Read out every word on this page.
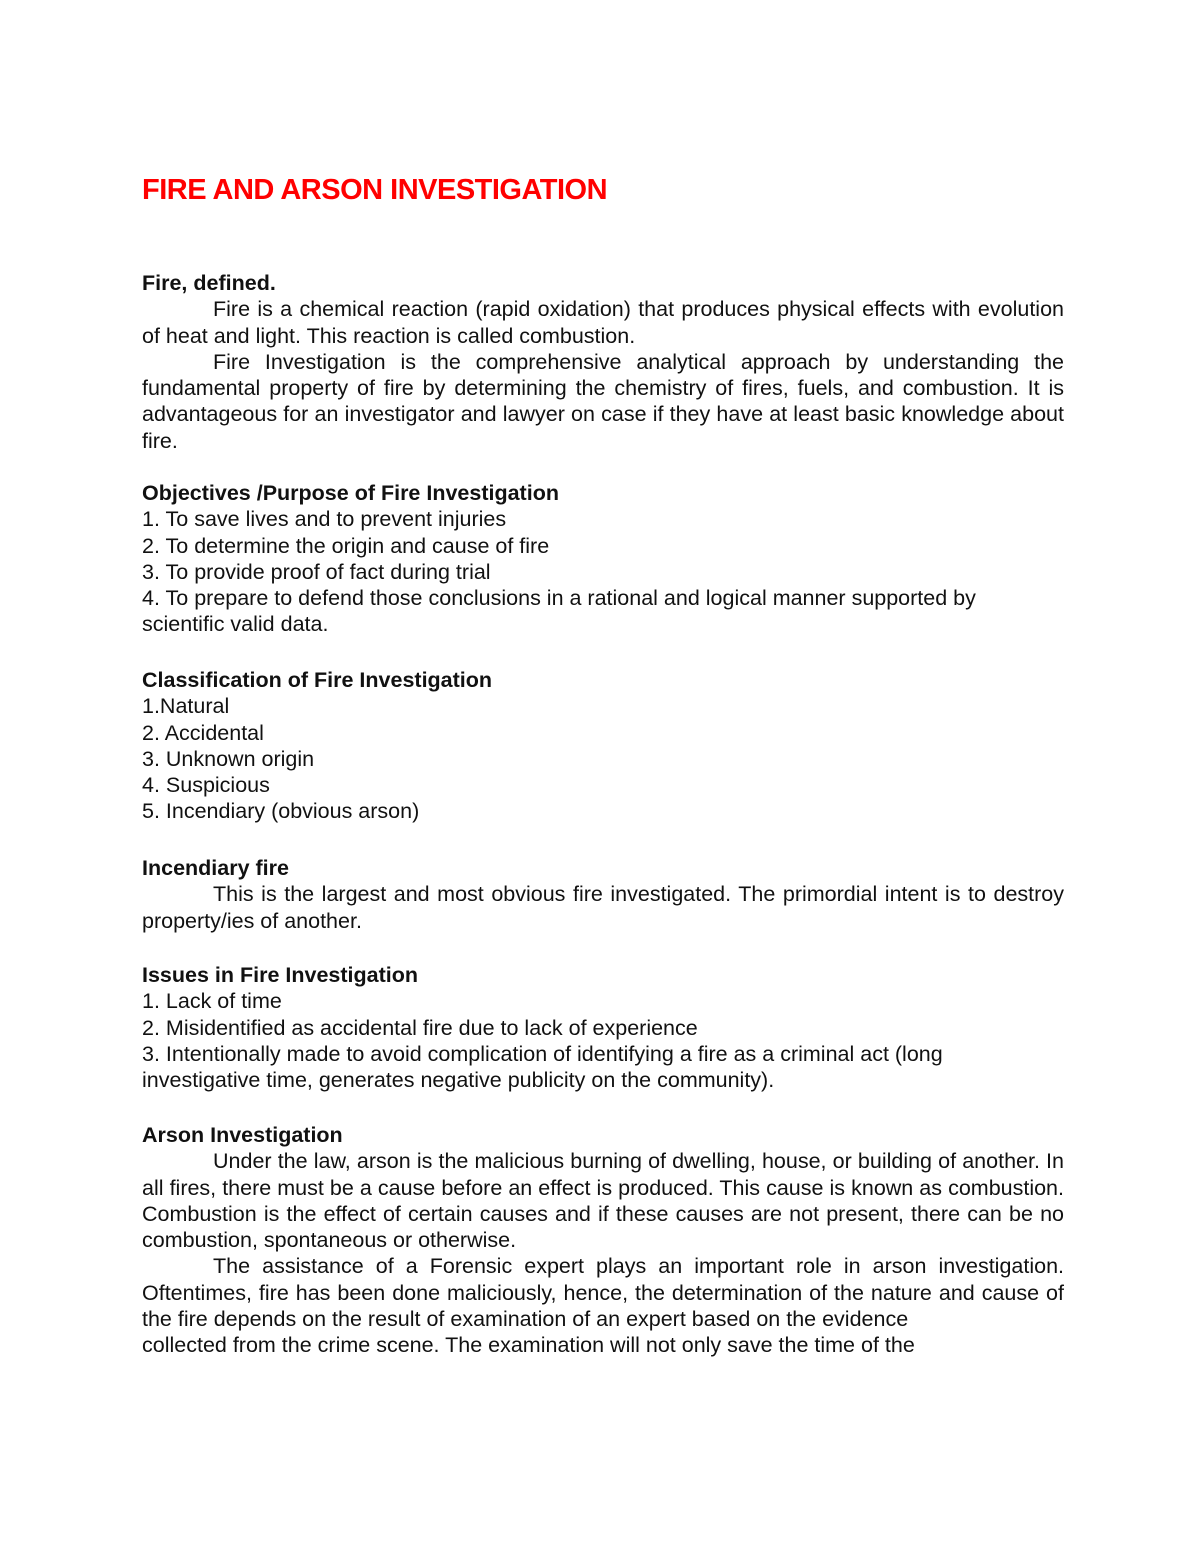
FIRE AND ARSON INVESTIGATION
Fire, defined.

Fire is a chemical reaction (rapid oxidation) that produces physical effects with evolution of heat and light. This reaction is called combustion.

Fire Investigation is the comprehensive analytical approach by understanding the fundamental property of fire by determining the chemistry of fires, fuels, and combustion. It is advantageous for an investigator and lawyer on case if they have at least basic knowledge about fire.

Objectives /Purpose of Fire Investigation
1. To save lives and to prevent injuries
2. To determine the origin and cause of fire
3. To provide proof of fact during trial
4. To prepare to defend those conclusions in a rational and logical manner supported by scientific valid data.
Classification of Fire Investigation
1.Natural
2. Accidental
3. Unknown origin
4. Suspicious
5. Incendiary (obvious arson)
Incendiary fire

This is the largest and most obvious fire investigated. The primordial intent is to destroy property/ies of another.

Issues in Fire Investigation
1. Lack of time
2. Misidentified as accidental fire due to lack of experience
3. Intentionally made to avoid complication of identifying a fire as a criminal act (long investigative time, generates negative publicity on the community).
Arson Investigation

Under the law, arson is the malicious burning of dwelling, house, or building of another. In all fires, there must be a cause before an effect is produced. This cause is known as combustion. Combustion is the effect of certain causes and if these causes are not present, there can be no combustion, spontaneous or otherwise.

The assistance of a Forensic expert plays an important role in arson investigation. Oftentimes, fire has been done maliciously, hence, the determination of the nature and cause of the fire depends on the result of examination of an expert based on the evidence

collected from the crime scene. The examination will not only save the time of the
